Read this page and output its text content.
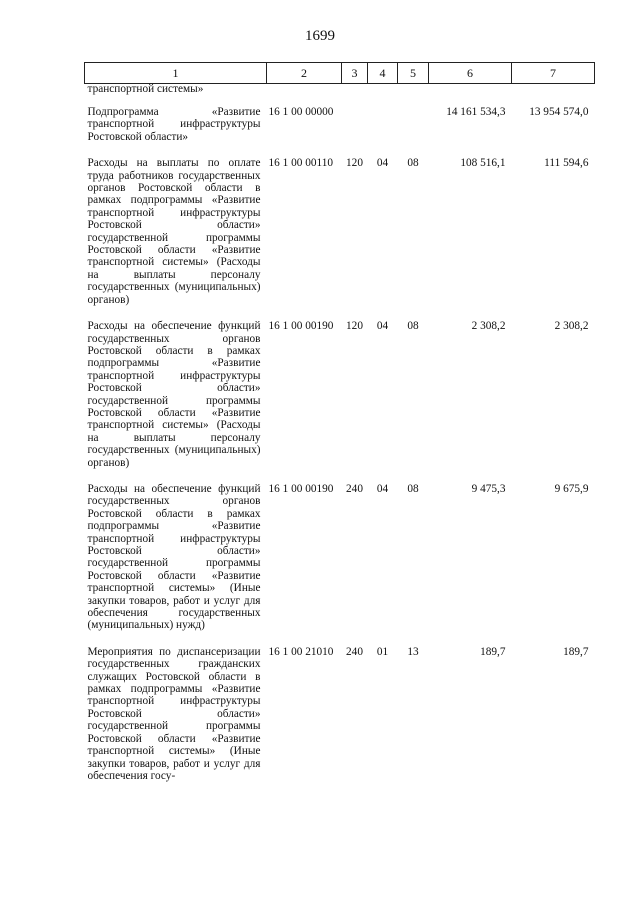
1699
1	2	3	4	5	6	7
транспортной системы»						
Подпрограмма «Развитие транспортной инфраструктуры Ростовской области»	16 1 00 00000				14 161 534,3	13 954 574,0
Расходы на выплаты по оплате труда работников государственных органов Ростовской области в рамках подпрограммы «Развитие транспортной инфраструктуры Ростовской области» государственной программы Ростовской области «Развитие транспортной системы» (Расходы на выплаты персоналу государственных (муниципальных) органов)	16 1 00 00110	120	04	08	108 516,1	111 594,6
Расходы на обеспечение функций государственных органов Ростовской области в рамках подпрограммы «Развитие транспортной инфраструктуры Ростовской области» государственной программы Ростовской области «Развитие транспортной системы» (Расходы на выплаты персоналу государственных (муниципальных) органов)	16 1 00 00190	120	04	08	2 308,2	2 308,2
Расходы на обеспечение функций государственных органов Ростовской области в рамках подпрограммы «Развитие транспортной инфраструктуры Ростовской области» государственной программы Ростовской области «Развитие транспортной системы» (Иные закупки товаров, работ и услуг для обеспечения государственных (муниципальных) нужд)	16 1 00 00190	240	04	08	9 475,3	9 675,9
Мероприятия по диспансеризации государственных гражданских служащих Ростовской области в рамках подпрограммы «Развитие транспортной инфраструктуры Ростовской области» государственной программы Ростовской области «Развитие транспортной системы» (Иные закупки товаров, работ и услуг для обеспечения госу-	16 1 00 21010	240	01	13	189,7	189,7
